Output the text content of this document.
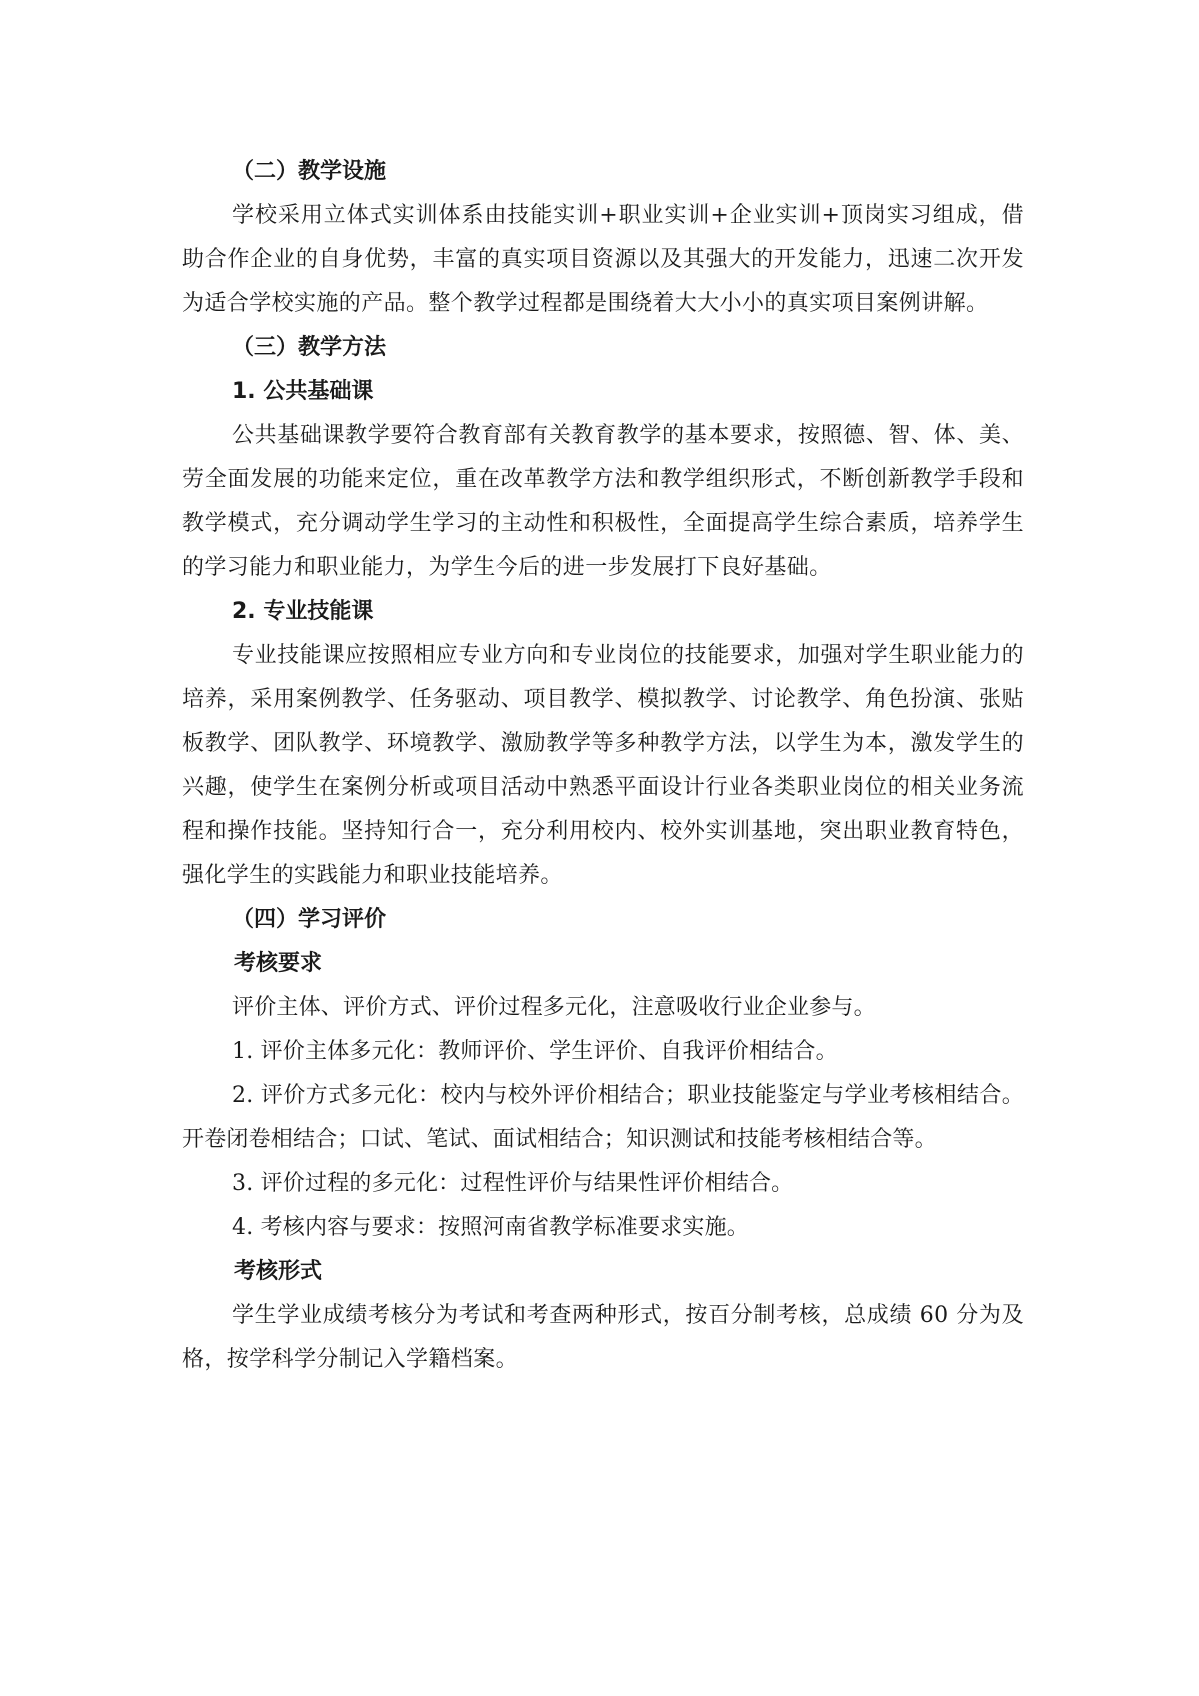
（二）教学设施

学校采用立体式实训体系由技能实训+职业实训+企业实训+顶岗实习组成，借助合作企业的自身优势，丰富的真实项目资源以及其强大的开发能力，迅速二次开发为适合学校实施的产品。整个教学过程都是围绕着大大小小的真实项目案例讲解。

（三）教学方法
1. 公共基础课

公共基础课教学要符合教育部有关教育教学的基本要求，按照德、智、体、美、劳全面发展的功能来定位，重在改革教学方法和教学组织形式，不断创新教学手段和教学模式，充分调动学生学习的主动性和积极性，全面提高学生综合素质，培养学生的学习能力和职业能力，为学生今后的进一步发展打下良好基础。

2. 专业技能课

专业技能课应按照相应专业方向和专业岗位的技能要求，加强对学生职业能力的培养，采用案例教学、任务驱动、项目教学、模拟教学、讨论教学、角色扮演、张贴板教学、团队教学、环境教学、激励教学等多种教学方法，以学生为本，激发学生的兴趣，使学生在案例分析或项目活动中熟悉平面设计行业各类职业岗位的相关业务流程和操作技能。坚持知行合一，充分利用校内、校外实训基地，突出职业教育特色，强化学生的实践能力和职业技能培养。

（四）学习评价
考核要求

评价主体、评价方式、评价过程多元化，注意吸收行业企业参与。

1. 评价主体多元化：教师评价、学生评价、自我评价相结合。

2. 评价方式多元化：校内与校外评价相结合；职业技能鉴定与学业考核相结合。开卷闭卷相结合；口试、笔试、面试相结合；知识测试和技能考核相结合等。

3. 评价过程的多元化：过程性评价与结果性评价相结合。

4. 考核内容与要求：按照河南省教学标准要求实施。

考核形式

学生学业成绩考核分为考试和考查两种形式，按百分制考核，总成绩 60 分为及格，按学科学分制记入学籍档案。
